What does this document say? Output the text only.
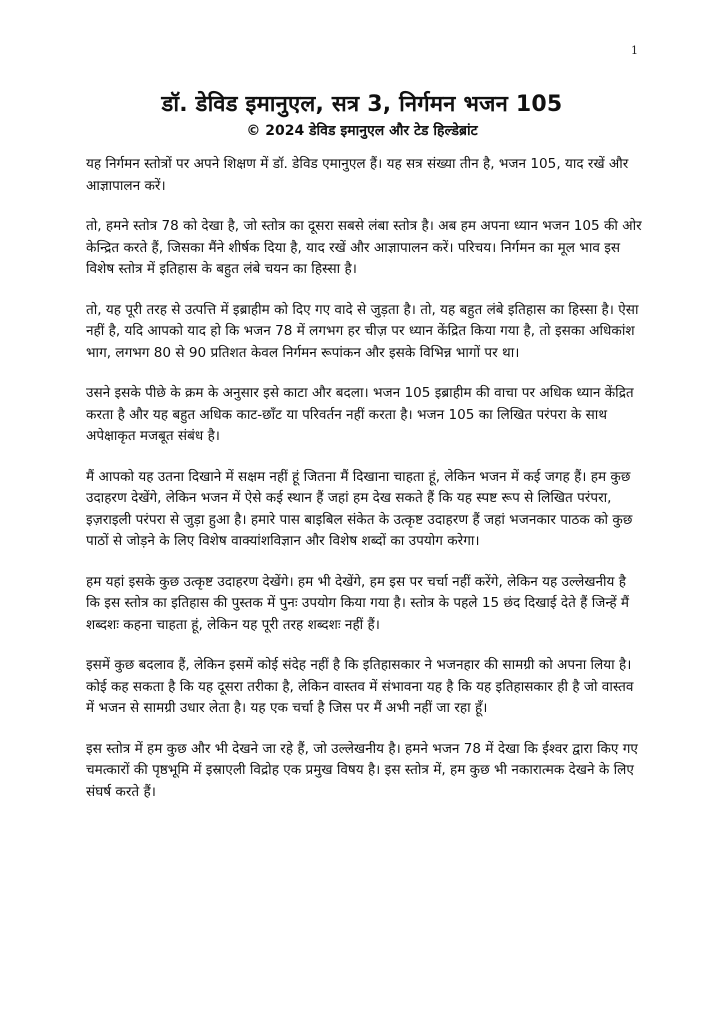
1
डॉ. डेविड इमानुएल, सत्र 3, निर्गमन भजन 105
© 2024 डेविड इमानुएल और टेड हिल्डेब्रांट

यह निर्गमन स्तोत्रों पर अपने शिक्षण में डॉ. डेविड एमानुएल हैं। यह सत्र संख्या तीन है, भजन 105, याद रखें और आज्ञापालन करें।

तो, हमने स्तोत्र 78 को देखा है, जो स्तोत्र का दूसरा सबसे लंबा स्तोत्र है। अब हम अपना ध्यान भजन 105 की ओर केन्द्रित करते हैं, जिसका मैंने शीर्षक दिया है, याद रखें और आज्ञापालन करें। परिचय। निर्गमन का मूल भाव इस विशेष स्तोत्र में इतिहास के बहुत लंबे चयन का हिस्सा है।

तो, यह पूरी तरह से उत्पत्ति में इब्राहीम को दिए गए वादे से जुड़ता है। तो, यह बहुत लंबे इतिहास का हिस्सा है। ऐसा नहीं है, यदि आपको याद हो कि भजन 78 में लगभग हर चीज़ पर ध्यान केंद्रित किया गया है, तो इसका अधिकांश भाग, लगभग 80 से 90 प्रतिशत केवल निर्गमन रूपांकन और इसके विभिन्न भागों पर था।

उसने इसके पीछे के क्रम के अनुसार इसे काटा और बदला। भजन 105 इब्राहीम की वाचा पर अधिक ध्यान केंद्रित करता है और यह बहुत अधिक काट-छाँट या परिवर्तन नहीं करता है। भजन 105 का लिखित परंपरा के साथ अपेक्षाकृत मजबूत संबंध है।

मैं आपको यह उतना दिखाने में सक्षम नहीं हूं जितना मैं दिखाना चाहता हूं, लेकिन भजन में कई जगह हैं। हम कुछ उदाहरण देखेंगे, लेकिन भजन में ऐसे कई स्थान हैं जहां हम देख सकते हैं कि यह स्पष्ट रूप से लिखित परंपरा, इज़राइली परंपरा से जुड़ा हुआ है। हमारे पास बाइबिल संकेत के उत्कृष्ट उदाहरण हैं जहां भजनकार पाठक को कुछ पाठों से जोड़ने के लिए विशेष वाक्यांशविज्ञान और विशेष शब्दों का उपयोग करेगा।

हम यहां इसके कुछ उत्कृष्ट उदाहरण देखेंगे। हम भी देखेंगे, हम इस पर चर्चा नहीं करेंगे, लेकिन यह उल्लेखनीय है कि इस स्तोत्र का इतिहास की पुस्तक में पुनः उपयोग किया गया है। स्तोत्र के पहले 15 छंद दिखाई देते हैं जिन्हें मैं शब्दशः कहना चाहता हूं, लेकिन यह पूरी तरह शब्दशः नहीं हैं।

इसमें कुछ बदलाव हैं, लेकिन इसमें कोई संदेह नहीं है कि इतिहासकार ने भजनहार की सामग्री को अपना लिया है। कोई कह सकता है कि यह दूसरा तरीका है, लेकिन वास्तव में संभावना यह है कि यह इतिहासकार ही है जो वास्तव में भजन से सामग्री उधार लेता है। यह एक चर्चा है जिस पर मैं अभी नहीं जा रहा हूँ।

इस स्तोत्र में हम कुछ और भी देखने जा रहे हैं, जो उल्लेखनीय है। हमने भजन 78 में देखा कि ईश्वर द्वारा किए गए चमत्कारों की पृष्ठभूमि में इस्राएली विद्रोह एक प्रमुख विषय है। इस स्तोत्र में, हम कुछ भी नकारात्मक देखने के लिए संघर्ष करते हैं।
